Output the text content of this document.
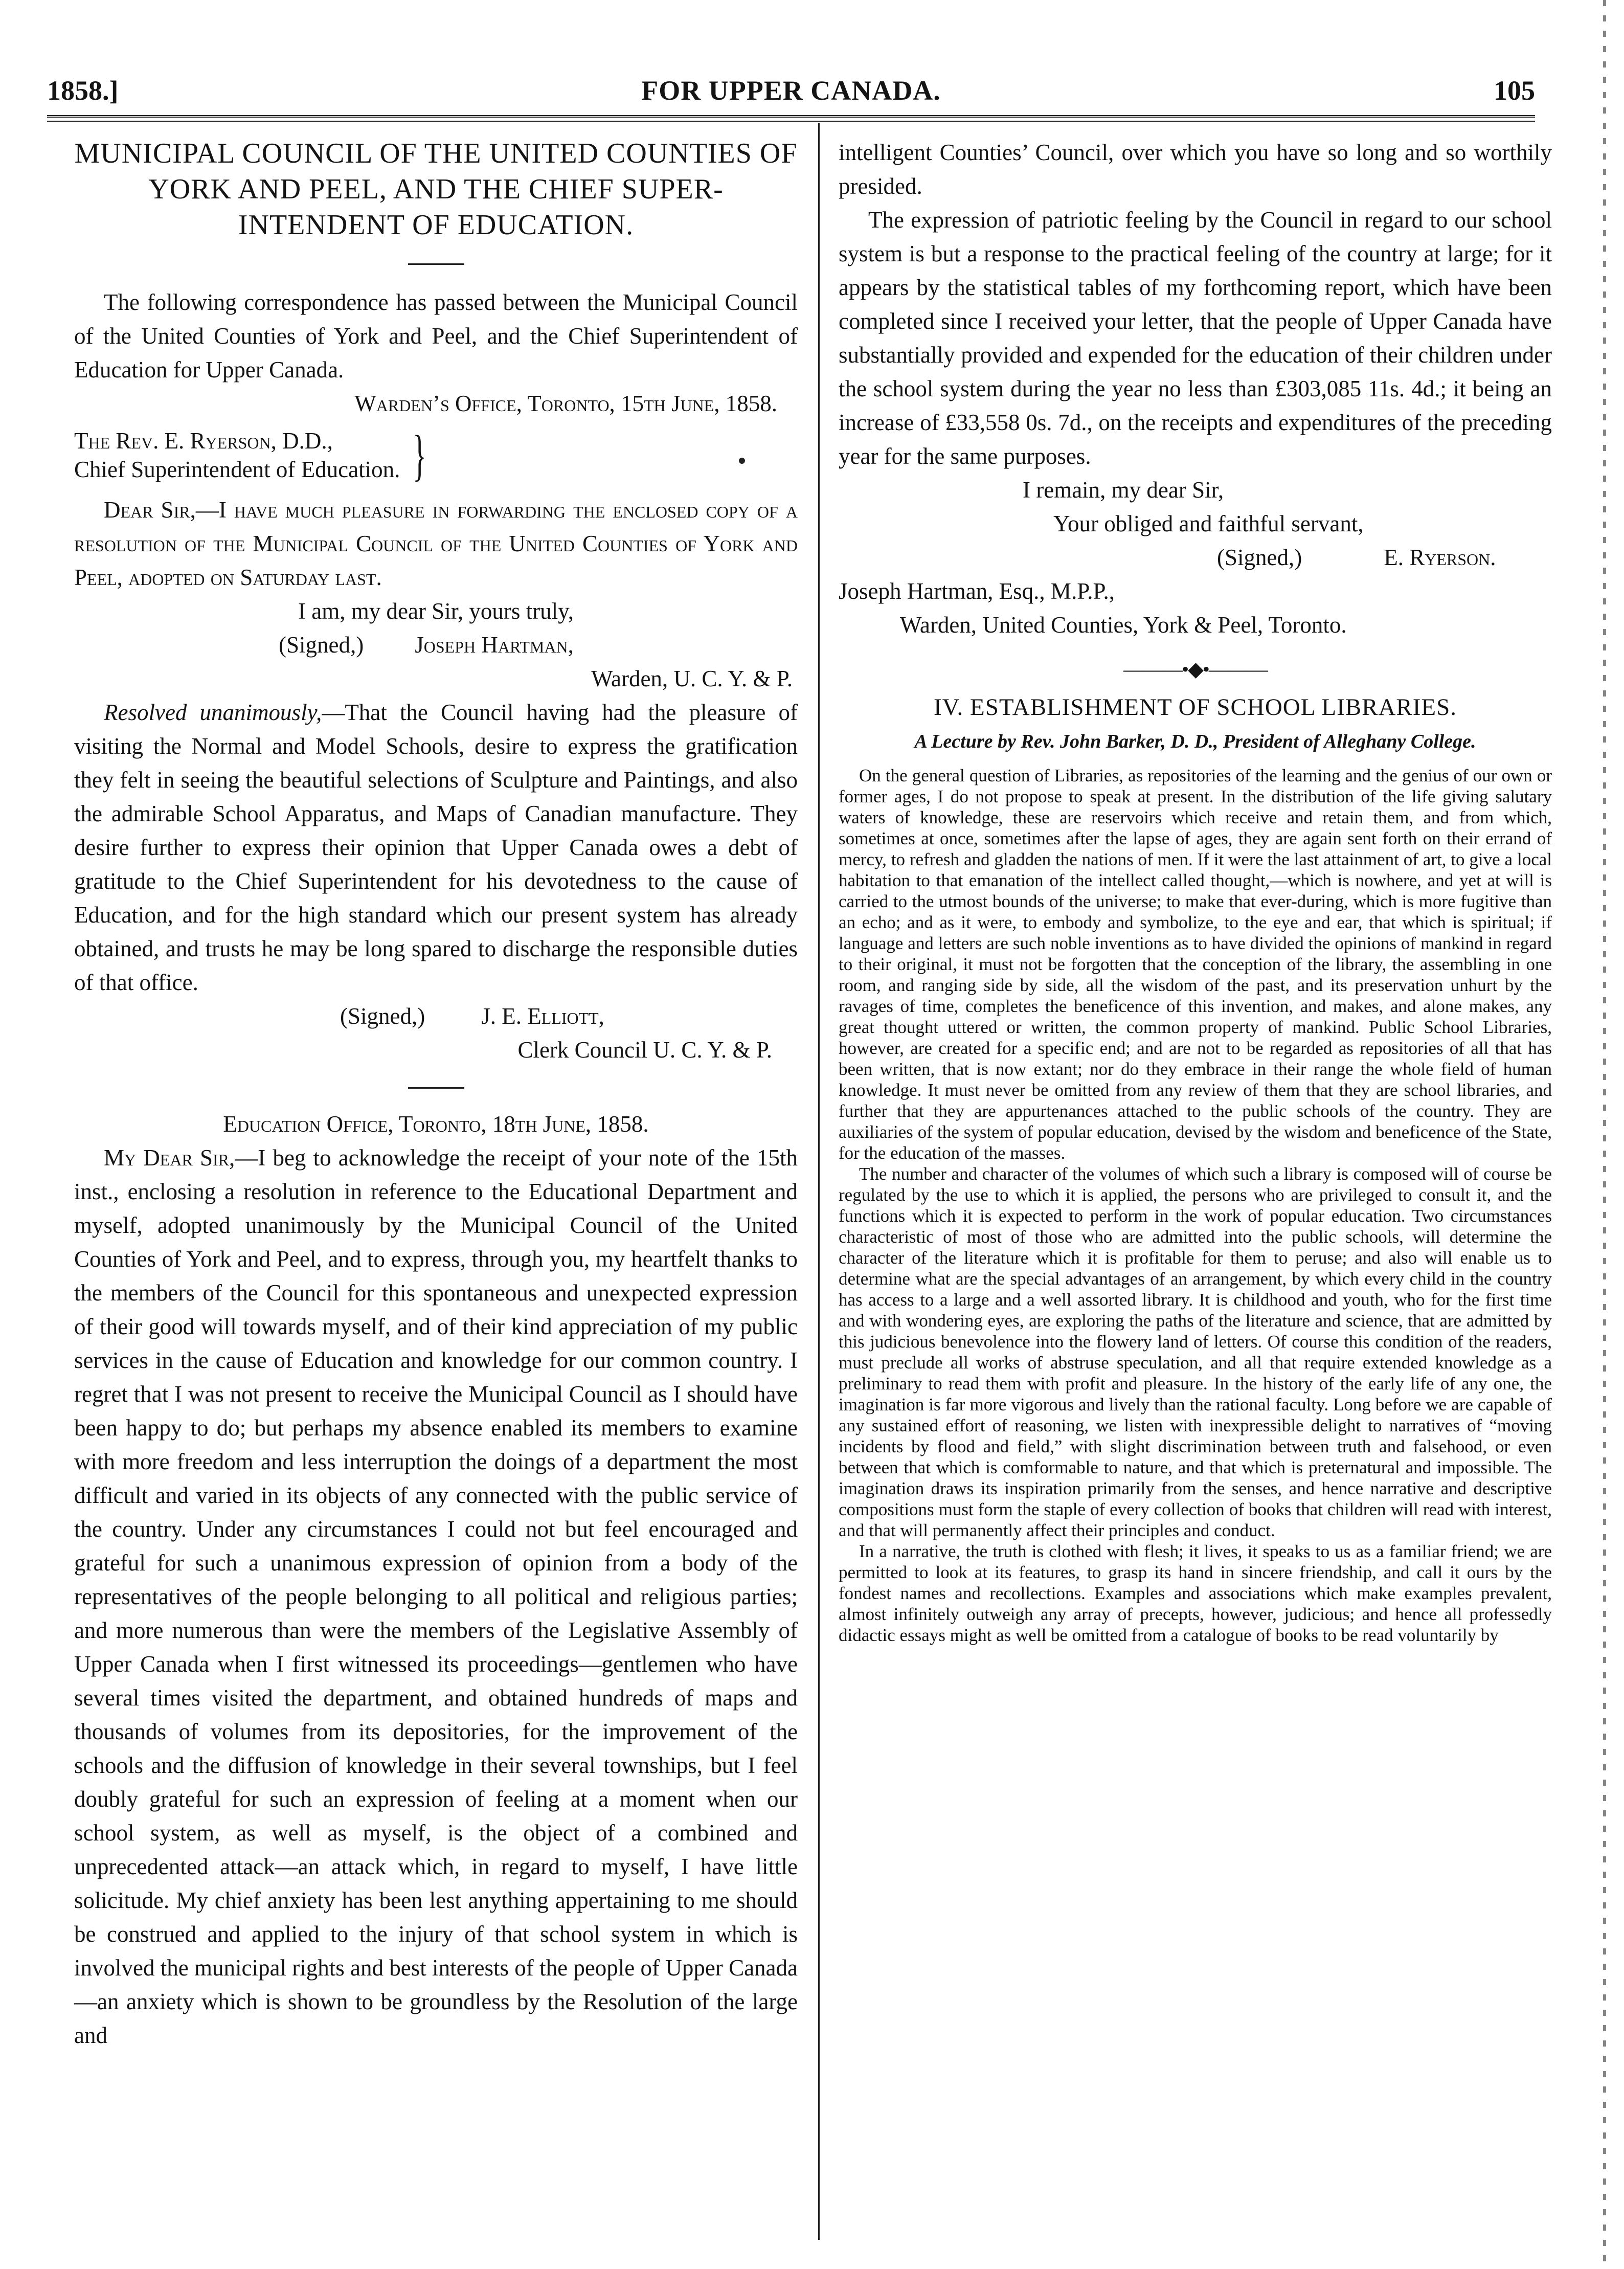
1858.]	FOR UPPER CANADA.	105

MUNICIPAL COUNCIL OF THE UNITED COUNTIES OF YORK AND PEEL, AND THE CHIEF SUPER-INTENDENT OF EDUCATION.

The following correspondence has passed between the Municipal Council of the United Counties of York and Peel, and the Chief Superintendent of Education for Upper Canada.

Warden’s Office, Toronto, 15th June, 1858.

The Rev. E. Ryerson, D.D.,
Chief Superintendent of Education. }

Dear Sir,—I have much pleasure in forwarding the enclosed copy of a resolution of the Municipal Council of the United Counties of York and Peel, adopted on Saturday last.

I am, my dear Sir, yours truly,

(Signed,) Joseph Hartman,

Warden, U. C. Y. & P.

Resolved unanimously,—That the Council having had the pleasure of visiting the Normal and Model Schools, desire to express the gratification they felt in seeing the beautiful selections of Sculpture and Paintings, and also the admirable School Apparatus, and Maps of Canadian manufacture. They desire further to express their opinion that Upper Canada owes a debt of gratitude to the Chief Superintendent for his devotedness to the cause of Education, and for the high standard which our present system has already obtained, and trusts he may be long spared to discharge the responsible duties of that office.

(Signed,) J. E. Elliott,

Clerk Council U. C. Y. & P.

Education Office, Toronto, 18th June, 1858.

My Dear Sir,—I beg to acknowledge the receipt of your note of the 15th inst., enclosing a resolution in reference to the Educational Department and myself, adopted unanimously by the Municipal Council of the United Counties of York and Peel, and to express, through you, my heartfelt thanks to the members of the Council for this spontaneous and unexpected expression of their good will towards myself, and of their kind appreciation of my public services in the cause of Education and knowledge for our common country. I regret that I was not present to receive the Municipal Council as I should have been happy to do; but perhaps my absence enabled its members to examine with more freedom and less interruption the doings of a department the most difficult and varied in its objects of any connected with the public service of the country. Under any circumstances I could not but feel encouraged and grateful for such a unanimous expression of opinion from a body of the representatives of the people belonging to all political and religious parties; and more numerous than were the members of the Legislative Assembly of Upper Canada when I first witnessed its proceedings—gentlemen who have several times visited the department, and obtained hundreds of maps and thousands of volumes from its depositories, for the improvement of the schools and the diffusion of knowledge in their several townships, but I feel doubly grateful for such an expression of feeling at a moment when our school system, as well as myself, is the object of a combined and unprecedented attack—an attack which, in regard to myself, I have little solicitude. My chief anxiety has been lest anything appertaining to me should be construed and applied to the injury of that school system in which is involved the municipal rights and best interests of the people of Upper Canada—an anxiety which is shown to be groundless by the Resolution of the large and

intelligent Counties’ Council, over which you have so long and so worthily presided.

The expression of patriotic feeling by the Council in regard to our school system is but a response to the practical feeling of the country at large; for it appears by the statistical tables of my forthcoming report, which have been completed since I received your letter, that the people of Upper Canada have substantially provided and expended for the education of their children under the school system during the year no less than £303,085 11s. 4d.; it being an increase of £33,558 0s. 7d., on the receipts and expenditures of the preceding year for the same purposes.

I remain, my dear Sir,

Your obliged and faithful servant,

(Signed,)	E. Ryerson.

Joseph Hartman, Esq., M.P.P.,

Warden, United Counties, York & Peel, Toronto.

———•◆•———

IV. ESTABLISHMENT OF SCHOOL LIBRARIES.

A Lecture by Rev. John Barker, D. D., President of Alleghany College.

On the general question of Libraries, as repositories of the learning and the genius of our own or former ages, I do not propose to speak at present. In the distribution of the life giving salutary waters of knowledge, these are reservoirs which receive and retain them, and from which, sometimes at once, sometimes after the lapse of ages, they are again sent forth on their errand of mercy, to refresh and gladden the nations of men. If it were the last attainment of art, to give a local habitation to that emanation of the intellect called thought,—which is nowhere, and yet at will is carried to the utmost bounds of the universe; to make that ever-during, which is more fugitive than an echo; and as it were, to embody and symbolize, to the eye and ear, that which is spiritual; if language and letters are such noble inventions as to have divided the opinions of mankind in regard to their original, it must not be forgotten that the conception of the library, the assembling in one room, and ranging side by side, all the wisdom of the past, and its preservation unhurt by the ravages of time, completes the beneficence of this invention, and makes, and alone makes, any great thought uttered or written, the common property of mankind. Public School Libraries, however, are created for a specific end; and are not to be regarded as repositories of all that has been written, that is now extant; nor do they embrace in their range the whole field of human knowledge. It must never be omitted from any review of them that they are school libraries, and further that they are appurtenances attached to the public schools of the country. They are auxiliaries of the system of popular education, devised by the wisdom and beneficence of the State, for the education of the masses.

The number and character of the volumes of which such a library is composed will of course be regulated by the use to which it is applied, the persons who are privileged to consult it, and the functions which it is expected to perform in the work of popular education. Two circumstances characteristic of most of those who are admitted into the public schools, will determine the character of the literature which it is profitable for them to peruse; and also will enable us to determine what are the special advantages of an arrangement, by which every child in the country has access to a large and a well assorted library. It is childhood and youth, who for the first time and with wondering eyes, are exploring the paths of the literature and science, that are admitted by this judicious benevolence into the flowery land of letters. Of course this condition of the readers, must preclude all works of abstruse speculation, and all that require extended knowledge as a preliminary to read them with profit and pleasure. In the history of the early life of any one, the imagination is far more vigorous and lively than the rational faculty. Long before we are capable of any sustained effort of reasoning, we listen with inexpressible delight to narratives of “moving incidents by flood and field,” with slight discrimination between truth and falsehood, or even between that which is comformable to nature, and that which is preternatural and impossible. The imagination draws its inspiration primarily from the senses, and hence narrative and descriptive compositions must form the staple of every collection of books that children will read with interest, and that will permanently affect their principles and conduct.

In a narrative, the truth is clothed with flesh; it lives, it speaks to us as a familiar friend; we are permitted to look at its features, to grasp its hand in sincere friendship, and call it ours by the fondest names and recollections. Examples and associations which make examples prevalent, almost infinitely outweigh any array of precepts, however, judicious; and hence all professedly didactic essays might as well be omitted from a catalogue of books to be read voluntarily by
